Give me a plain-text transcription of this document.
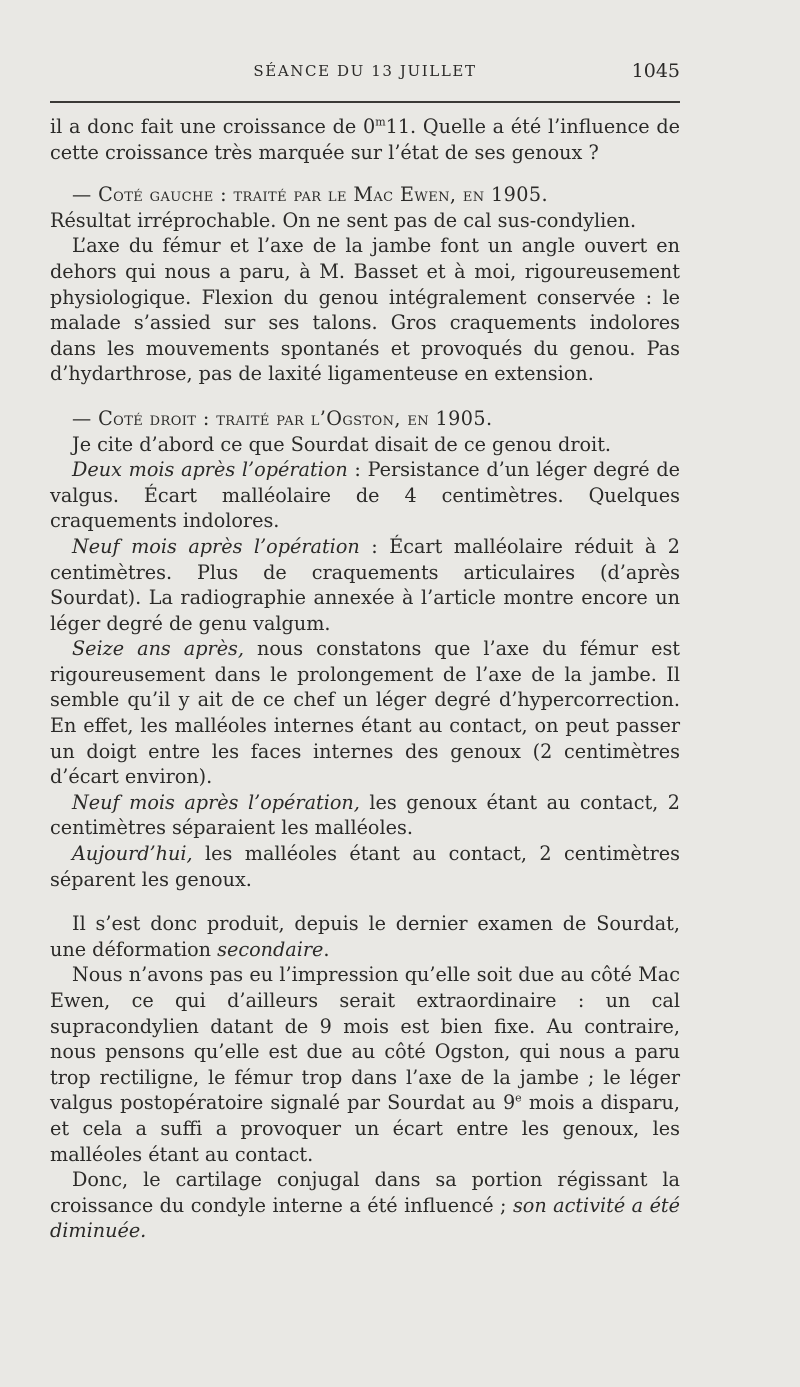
SÉANCE DU 13 JUILLET	1045

il a donc fait une croissance de 0$^m$11. Quelle a été l’influence de cette croissance très marquée sur l’état de ses genoux ?

— Coté gauche : traité par le Mac Ewen, en 1905.

Résultat irréprochable. On ne sent pas de cal sus-condylien.

L’axe du fémur et l’axe de la jambe font un angle ouvert en dehors qui nous a paru, à M. Basset et à moi, rigoureusement physiologique. Flexion du genou intégralement conservée : le malade s’assied sur ses talons. Gros craquements indolores dans les mouvements spontanés et provoqués du genou. Pas d’hydarthrose, pas de laxité ligamenteuse en extension.

— Coté droit : traité par l’Ogston, en 1905.

Je cite d’abord ce que Sourdat disait de ce genou droit.

Deux mois après l’opération : Persistance d’un léger degré de valgus. Écart malléolaire de 4 centimètres. Quelques craquements indolores.

Neuf mois après l’opération : Écart malléolaire réduit à 2 centimètres. Plus de craquements articulaires (d’après Sourdat). La radiographie annexée à l’article montre encore un léger degré de genu valgum.

Seize ans après, nous constatons que l’axe du fémur est rigoureusement dans le prolongement de l’axe de la jambe. Il semble qu’il y ait de ce chef un léger degré d’hypercorrection. En effet, les malléoles internes étant au contact, on peut passer un doigt entre les faces internes des genoux (2 centimètres d’écart environ).

Neuf mois après l’opération, les genoux étant au contact, 2 centimètres séparaient les malléoles.

Aujourd’hui, les malléoles étant au contact, 2 centimètres séparent les genoux.

Il s’est donc produit, depuis le dernier examen de Sourdat, une déformation secondaire.

Nous n’avons pas eu l’impression qu’elle soit due au côté Mac Ewen, ce qui d’ailleurs serait extraordinaire : un cal supracondylien datant de 9 mois est bien fixe. Au contraire, nous pensons qu’elle est due au côté Ogston, qui nous a paru trop rectiligne, le fémur trop dans l’axe de la jambe ; le léger valgus postopératoire signalé par Sourdat au 9e mois a disparu, et cela a suffi a provoquer un écart entre les genoux, les malléoles étant au contact.

Donc, le cartilage conjugal dans sa portion régissant la croissance du condyle interne a été influencé ; son activité a été diminuée.
